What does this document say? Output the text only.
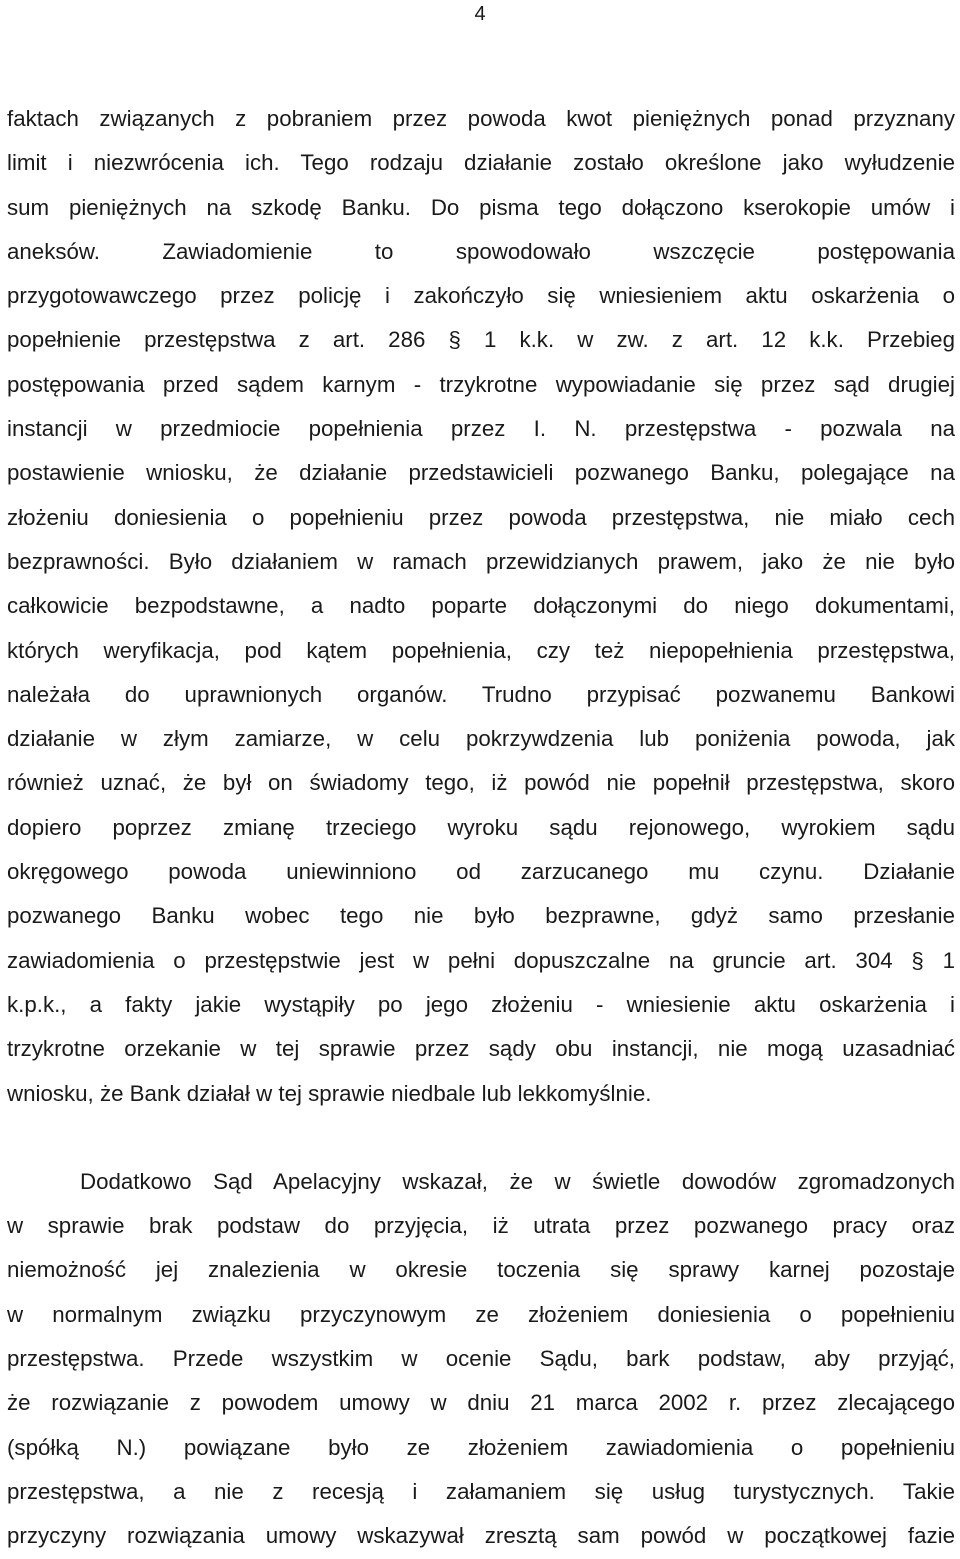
4
faktach związanych z pobraniem przez powoda kwot pieniężnych ponad przyznany
limit i niezwrócenia ich. Tego rodzaju działanie zostało określone jako wyłudzenie
sum pieniężnych na szkodę Banku. Do pisma tego dołączono kserokopie umów i
aneksów. Zawiadomienie to spowodowało wszczęcie postępowania
przygotowawczego przez policję i zakończyło się wniesieniem aktu oskarżenia o
popełnienie przestępstwa z art. 286 § 1 k.k. w zw. z art. 12 k.k. Przebieg
postępowania przed sądem karnym - trzykrotne wypowiadanie się przez sąd drugiej
instancji w przedmiocie popełnienia przez I. N. przestępstwa - pozwala na
postawienie wniosku, że działanie przedstawicieli pozwanego Banku, polegające na
złożeniu doniesienia o popełnieniu przez powoda przestępstwa, nie miało cech
bezprawności. Było działaniem w ramach przewidzianych prawem, jako że nie było
całkowicie bezpodstawne, a nadto poparte dołączonymi do niego dokumentami,
których weryfikacja, pod kątem popełnienia, czy też niepopełnienia przestępstwa,
należała do uprawnionych organów. Trudno przypisać pozwanemu Bankowi
działanie w złym zamiarze, w celu pokrzywdzenia lub poniżenia powoda, jak
również uznać, że był on świadomy tego, iż powód nie popełnił przestępstwa, skoro
dopiero poprzez zmianę trzeciego wyroku sądu rejonowego, wyrokiem sądu
okręgowego powoda uniewinniono od zarzucanego mu czynu. Działanie
pozwanego Banku wobec tego nie było bezprawne, gdyż samo przesłanie
zawiadomienia o przestępstwie jest w pełni dopuszczalne na gruncie art. 304 § 1
k.p.k., a fakty jakie wystąpiły po jego złożeniu - wniesienie aktu oskarżenia i
trzykrotne orzekanie w tej sprawie przez sądy obu instancji, nie mogą uzasadniać
wniosku, że Bank działał w tej sprawie niedbale lub lekkomyślnie.
Dodatkowo Sąd Apelacyjny wskazał, że w świetle dowodów zgromadzonych
w sprawie brak podstaw do przyjęcia, iż utrata przez pozwanego pracy oraz
niemożność jej znalezienia w okresie toczenia się sprawy karnej pozostaje
w normalnym związku przyczynowym ze złożeniem doniesienia o popełnieniu
przestępstwa. Przede wszystkim w ocenie Sądu, bark podstaw, aby przyjąć,
że rozwiązanie z powodem umowy w dniu 21 marca 2002 r. przez zlecającego
(spółką N.) powiązane było ze złożeniem zawiadomienia o popełnieniu
przestępstwa, a nie z recesją i załamaniem się usług turystycznych. Takie
przyczyny rozwiązania umowy wskazywał zresztą sam powód w początkowej fazie
